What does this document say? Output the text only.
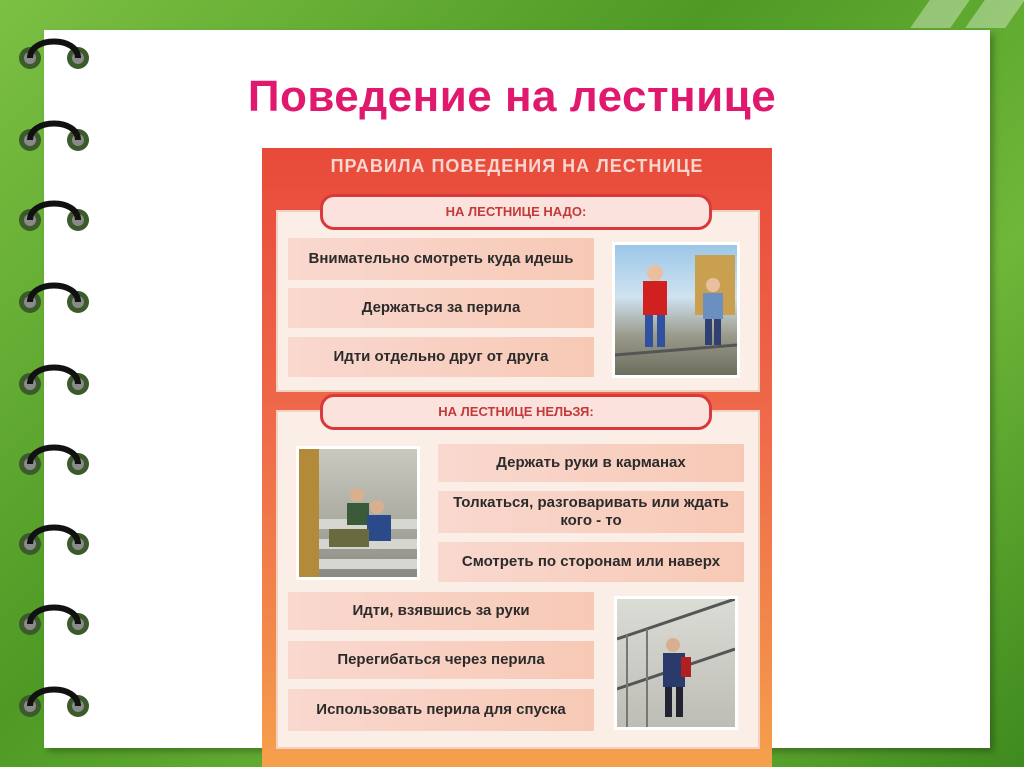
Поведение на лестнице
ПРАВИЛА ПОВЕДЕНИЯ НА ЛЕСТНИЦЕ
НА ЛЕСТНИЦЕ НАДО:
Внимательно смотреть куда идешь
Держаться за перила
Идти отдельно друг от друга
НА ЛЕСТНИЦЕ НЕЛЬЗЯ:
Держать руки в карманах
Толкаться, разговаривать или ждать кого - то
Смотреть по сторонам или наверх
Идти, взявшись за руки
Перегибаться через перила
Использовать перила для спуска
